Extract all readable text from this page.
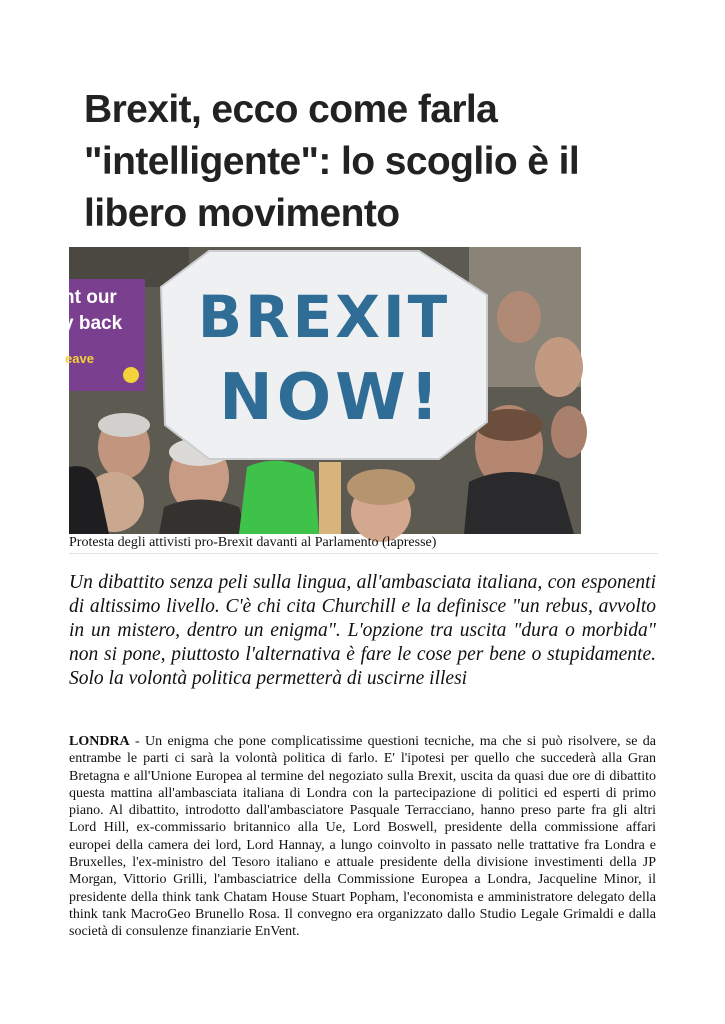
Brexit, ecco come farla "intelligente": lo scoglio è il libero movimento
nt our
y back
eave
BREXIT
NOW!
Protesta degli attivisti pro-Brexit davanti al Parlamento (lapresse)

Un dibattito senza peli sulla lingua, all'ambasciata italiana, con esponenti di altissimo livello. C'è chi cita Churchill e la definisce "un rebus, avvolto in un mistero, dentro un enigma". L'opzione tra uscita "dura o morbida" non si pone, piuttosto l'alternativa è fare le cose per bene o stupidamente. Solo la volontà politica permetterà di uscirne illesi

LONDRA - Un enigma che pone complicatissime questioni tecniche, ma che si può risolvere, se da entrambe le parti ci sarà la volontà politica di farlo. E' l'ipotesi per quello che succederà alla Gran Bretagna e all'Unione Europea al termine del negoziato sulla Brexit, uscita da quasi due ore di dibattito questa mattina all'ambasciata italiana di Londra con la partecipazione di politici ed esperti di primo piano. Al dibattito, introdotto dall'ambasciatore Pasquale Terracciano, hanno preso parte fra gli altri Lord Hill, ex-commissario britannico alla Ue, Lord Boswell, presidente della commissione affari europei della camera dei lord, Lord Hannay, a lungo coinvolto in passato nelle trattative fra Londra e Bruxelles, l'ex-ministro del Tesoro italiano e attuale presidente della divisione investimenti della JP Morgan, Vittorio Grilli, l'ambasciatrice della Commissione Europea a Londra, Jacqueline Minor, il presidente della think tank Chatam House Stuart Popham, l'economista e amministratore delegato della think tank MacroGeo Brunello Rosa. Il convegno era organizzato dallo Studio Legale Grimaldi e dalla società di consulenze finanziarie EnVent.
